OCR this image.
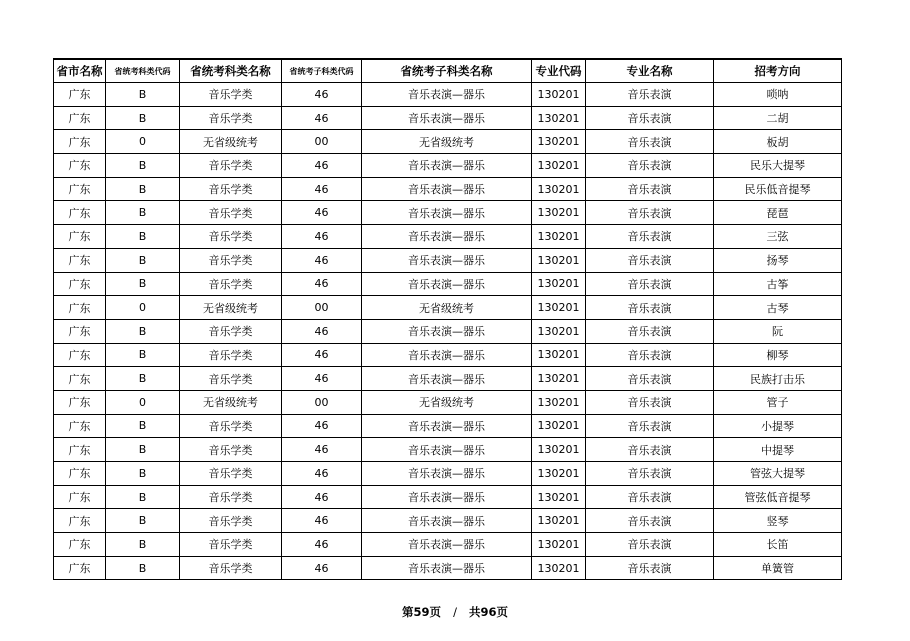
省市名称	省统考科类代码	省统考科类名称	省统考子科类代码	省统考子科类名称	专业代码	专业名称	招考方向
广东	B	音乐学类	46	音乐表演—器乐	130201	音乐表演	唢呐
广东	B	音乐学类	46	音乐表演—器乐	130201	音乐表演	二胡
广东	0	无省级统考	00	无省级统考	130201	音乐表演	板胡
广东	B	音乐学类	46	音乐表演—器乐	130201	音乐表演	民乐大提琴
广东	B	音乐学类	46	音乐表演—器乐	130201	音乐表演	民乐低音提琴
广东	B	音乐学类	46	音乐表演—器乐	130201	音乐表演	琵琶
广东	B	音乐学类	46	音乐表演—器乐	130201	音乐表演	三弦
广东	B	音乐学类	46	音乐表演—器乐	130201	音乐表演	扬琴
广东	B	音乐学类	46	音乐表演—器乐	130201	音乐表演	古筝
广东	0	无省级统考	00	无省级统考	130201	音乐表演	古琴
广东	B	音乐学类	46	音乐表演—器乐	130201	音乐表演	阮
广东	B	音乐学类	46	音乐表演—器乐	130201	音乐表演	柳琴
广东	B	音乐学类	46	音乐表演—器乐	130201	音乐表演	民族打击乐
广东	0	无省级统考	00	无省级统考	130201	音乐表演	管子
广东	B	音乐学类	46	音乐表演—器乐	130201	音乐表演	小提琴
广东	B	音乐学类	46	音乐表演—器乐	130201	音乐表演	中提琴
广东	B	音乐学类	46	音乐表演—器乐	130201	音乐表演	管弦大提琴
广东	B	音乐学类	46	音乐表演—器乐	130201	音乐表演	管弦低音提琴
广东	B	音乐学类	46	音乐表演—器乐	130201	音乐表演	竖琴
广东	B	音乐学类	46	音乐表演—器乐	130201	音乐表演	长笛
广东	B	音乐学类	46	音乐表演—器乐	130201	音乐表演	单簧管
第59页 / 共96页
